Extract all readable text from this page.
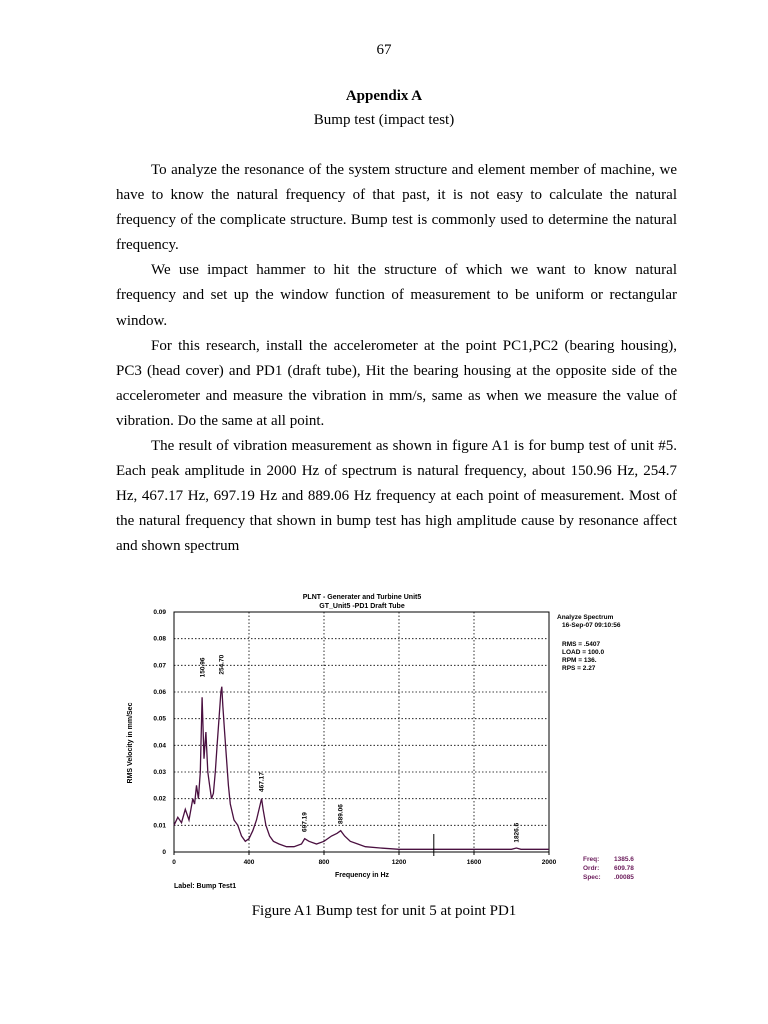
67
Appendix A
Bump test (impact test)

To analyze the resonance of the system structure and element member of machine, we have to know the natural frequency of that past, it is not easy to calculate the natural frequency of the complicate structure. Bump test is commonly used to determine the natural frequency.

We use impact hammer to hit the structure of which we want to know natural frequency and set up the window function of measurement to be uniform or rectangular window.

For this research, install the accelerometer at the point PC1,PC2 (bearing housing), PC3 (head cover) and PD1 (draft tube), Hit the bearing housing at the opposite side of the accelerometer and measure the vibration in mm/s, same as when we measure the value of vibration. Do the same at all point.

The result of vibration measurement as shown in figure A1 is for bump test of unit #5. Each peak amplitude in 2000 Hz of spectrum is natural frequency, about 150.96 Hz, 254.7 Hz, 467.17 Hz, 697.19 Hz and 889.06 Hz frequency at each point of measurement. Most of the natural frequency that shown in bump test has high amplitude cause by resonance affect and shown spectrum

PLNT - Generater and Turbine Unit5
GT_Unit5 -PD1 Draft Tube
0
0.01
0.02
0.03
0.04
0.05
0.06
0.07
0.08
0.09
0	400	800	1200	1600	2000
150.96 254.70
467.17
697.19	889.06
1826.6
RMS Velocity in mm/Sec
Frequency in Hz
Label: Bump Test1
Analyze Spectrum
16-Sep-07 09:10:56
RMS = .5407
LOAD = 100.0
RPM = 136.
RPS = 2.27
Freq: 1385.6
Ordr: 609.78
Spec: .00085
Figure A1 Bump test for unit 5 at point PD1
